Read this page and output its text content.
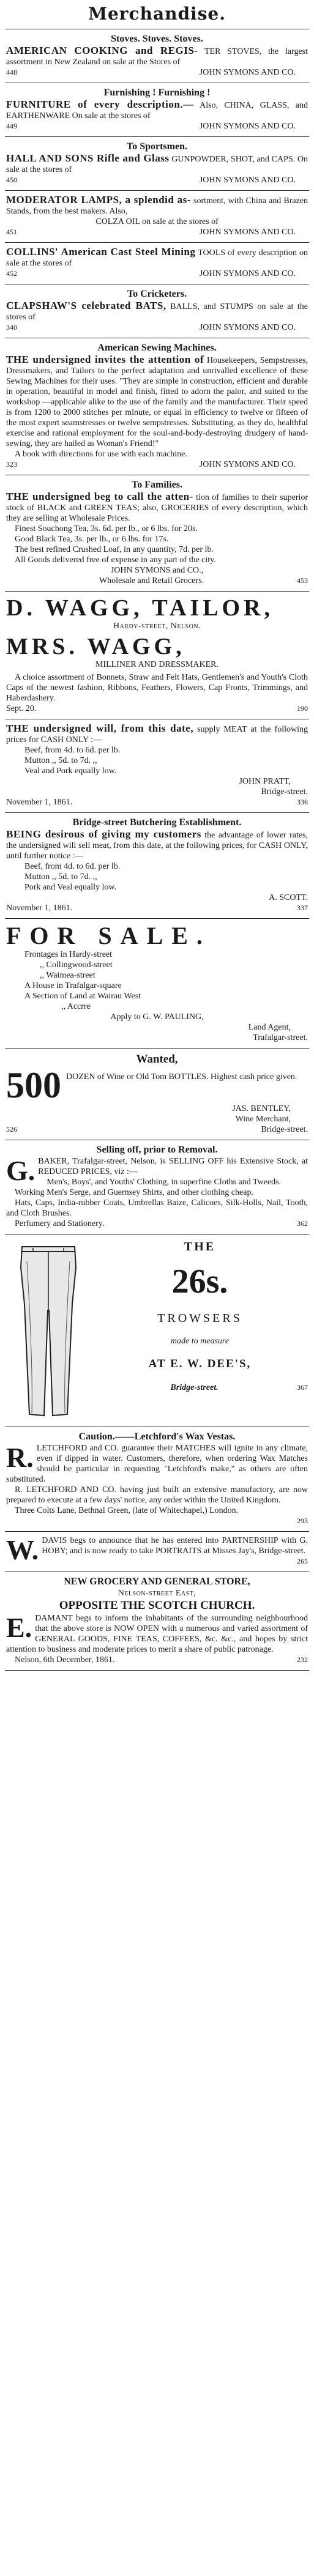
Merchandise.
Stoves. Stoves. Stoves.

AMERICAN COOKING and REGIS- TER STOVES, the largest assortment in New Zealand on sale at the Stores of

448	JOHN SYMONS AND CO.
Furnishing ! Furnishing !

FURNITURE of every description.— Also, CHINA, GLASS, and EARTHENWARE On sale at the stores of

449	JOHN SYMONS AND CO.
To Sportsmen.

HALL AND SONS Rifle and Glass GUNPOWDER, SHOT, and CAPS. On sale at the stores of

450	JOHN SYMONS AND CO.

MODERATOR LAMPS, a splendid as- sortment, with China and Brazen Stands, from the best makers. Also,

COLZA OIL on sale at the stores of

451	JOHN SYMONS AND CO.

COLLINS' American Cast Steel Mining TOOLS of every description on sale at the stores of

452	JOHN SYMONS AND CO.
To Cricketers.

CLAPSHAW'S celebrated BATS, BALLS, and STUMPS on sale at the stores of

340	JOHN SYMONS AND CO.
American Sewing Machines.

THE undersigned invites the attention of Housekeepers, Sempstresses, Dressmakers, and Tailors to the perfect adaptation and unrivalled excellence of these Sewing Machines for their uses. "They are simple in construction, efficient and durable in operation, beautiful in model and finish, fitted to adorn the palor, and suited to the workshop —applicable alike to the use of the family and the manufacturer. Their speed is from 1200 to 2000 stitches per minute, or equal in efficiency to twelve or fifteen of the most expert seamstresses or twelve sempstresses. Substituting, as they do, healthful exercise and rational employment for the soul-and-body-destroying drudgery of hand-sewing, they are hailed as Woman's Friend!"

A book with directions for use with each machine.

323	JOHN SYMONS AND CO.
To Families.

THE undersigned beg to call the atten- tion of families to their superior stock of BLACK and GREEN TEAS; also, GROCERIES of every description, which they are selling at Wholesale Prices.

Finest Souchong Tea, 3s. 6d. per lb., or 6 lbs. for 20s.

Good Black Tea, 3s. per lb., or 6 lbs. for 17s.

The best refined Crushed Loaf, in any quantity, 7d. per lb.

All Goods delivered free of expense in any part of the city.

JOHN SYMONS and CO.,

Wholesale and Retail Grocers.	453
D. WAGG, TAILOR,

Hardy-street, Nelson.

MRS. WAGG,

MILLINER AND DRESSMAKER.

A choice assortment of Bonnets, Straw and Felt Hats, Gentlemen's and Youth's Cloth Caps of the newest fashion, Ribbons, Feathers, Flowers, Cap Fronts, Trimmings, and Haberdashery.

Sept. 20.	190

THE undersigned will, from this date, supply MEAT at the following prices for CASH ONLY :—

Beef, from 4d. to 6d. per lb.

Mutton ,, 5d. to 7d. ,,

Veal and Pork equally low.

JOHN PRATT,

Bridge-street.

November 1, 1861.	336
Bridge-street Butchering Establishment.

BEING desirous of giving my customers the advantage of lower rates, the undersigned will sell meat, from this date, at the following prices, for CASH ONLY, until further notice :—

Beef, from 4d. to 6d. per lb.

Mutton ,, 5d. to 7d. ,,

Pork and Veal equally low.

A. SCOTT.

November 1, 1861.	337
FOR SALE.

Frontages in Hardy-street

,, Collingwood-street

,, Waimea-street

A House in Trafalgar-square

A Section of Land at Wairau West

,, Accrre

Apply to G. W. PAULING,

Land Agent,

Trafalgar-street.

Wanted,
500 DOZEN of Wine or Old Tom BOTTLES. Highest cash price given.

JAS. BENTLEY,

Wine Merchant,

526	Bridge-street.
Selling off, prior to Removal.
G. BAKER, Trafalgar-street, Nelson, is SELLING OFF his Extensive Stock, at REDUCED PRICES, viz :—

Men's, Boys', and Youths' Clothing, in superfine Cloths and Tweeds.

Working Men's Serge, and Guernsey Shirts, and other clothing cheap.

Hats, Caps, India-rubber Coats, Umbrellas Baize, Calicoes, Silk-Holls, Nail, Tooth, and Cloth Brushes.

Perfumery and Stationery.	362
THE
26s.
TROWSERS
made to measure
AT E. W. DEE'S,
Bridge-street.	367
Caution.——Letchford's Wax Vestas.
R. LETCHFORD and CO. guarantee their MATCHES will ignite in any climate, even if dipped in water. Customers, therefore, when ordering Wax Matches should be particular in requesting "Letchford's make," as others are often substituted.

R. LETCHFORD AND CO. having just built an extensive manufactory, are now prepared to execute at a few days' notice, any order within the United Kingdom.

Three Colts Lane, Bethnal Green, (late of Whitechapel,) London.

293

W. DAVIS begs to announce that he has entered into PARTNERSHIP with G. HOBY; and is now ready to take PORTRAITS at Misses Jay's, Bridge-street.

265

NEW GROCERY AND GENERAL STORE,

Nelson-street East,

OPPOSITE THE SCOTCH CHURCH.
E. DAMANT begs to inform the inhabitants of the surrounding neighbourhood that the above store is NOW OPEN with a numerous and varied assortment of GENERAL GOODS, FINE TEAS, COFFEES, &c. &c., and hopes by strict attention to business and moderate prices to merit a share of public patronage.

Nelson, 6th December, 1861.	232
